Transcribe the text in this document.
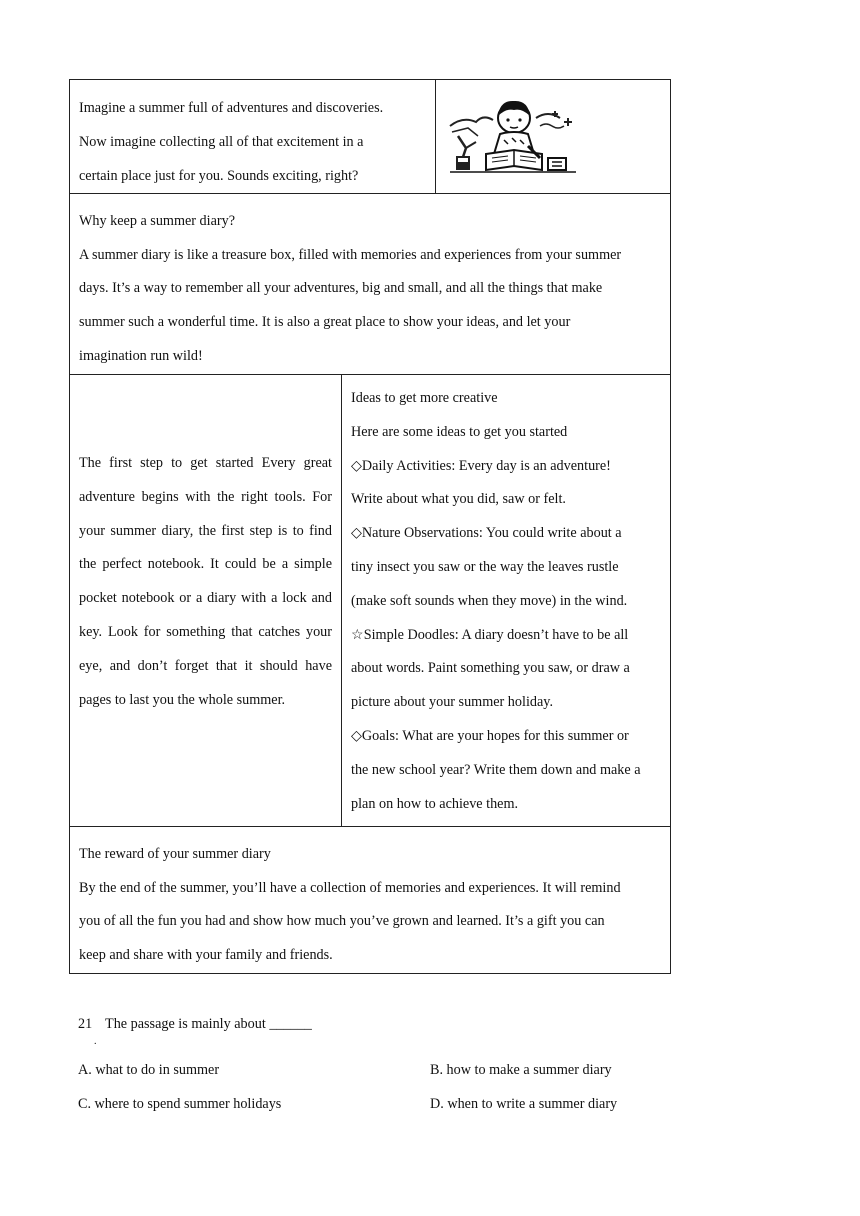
Imagine a summer full of adventures and discoveries.
Now imagine collecting all of that excitement in a
certain place just for you. Sounds exciting, right?
Why keep a summer diary?
A summer diary is like a treasure box, filled with memories and experiences from your summer
days. It’s a way to remember all your adventures, big and small, and all the things that make
summer such a wonderful time. It is also a great place to show your ideas, and let your
imagination run wild!
The first step to get started Every great adventure begins with the right tools. For your summer diary, the first step is to find the perfect notebook. It could be a simple pocket notebook or a diary with a lock and key. Look for something that catches your eye, and don’t forget that it should have pages to last you the whole summer.
Ideas to get more creative
Here are some ideas to get you started
◇Daily Activities: Every day is an adventure!
Write about what you did, saw or felt.
◇Nature Observations: You could write about a
tiny insect you saw or the way the leaves rustle
(make soft sounds when they move) in the wind.
☆Simple Doodles: A diary doesn’t have to be all
about words. Paint something you saw, or draw a
picture about your summer holiday.
◇Goals: What are your hopes for this summer or
the new school year? Write them down and make a
plan on how to achieve them.
The reward of your summer diary
By the end of the summer, you’ll have a collection of memories and experiences. It will remind
you of all the fun you had and show how much you’ve grown and learned. It’s a gift you can
keep and share with your family and friends.
21 The passage is mainly about ______
.
A. what to do in summer	B. how to make a summer diary
C. where to spend summer holidays	D. when to write a summer diary
